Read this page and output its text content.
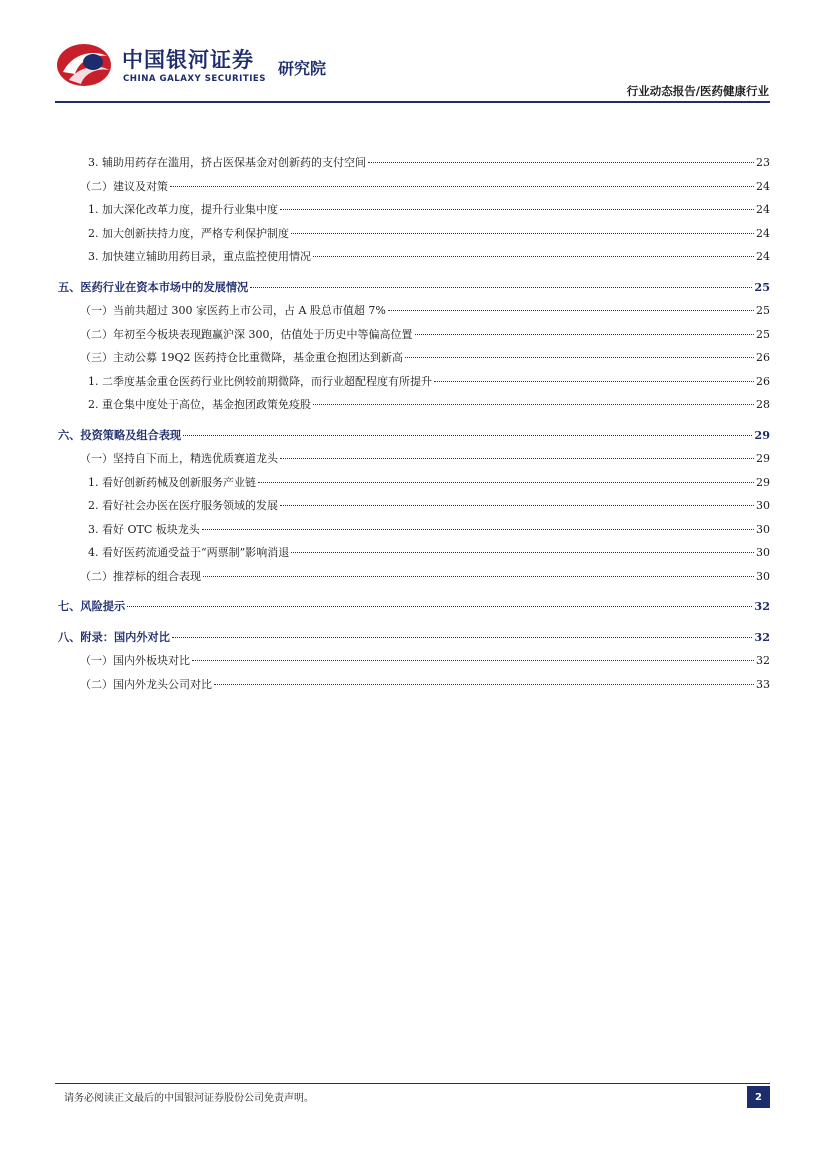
中国银河证券
CHINA GALAXY SECURITIES
研究院
行业动态报告/医药健康行业
3. 辅助用药存在滥用，挤占医保基金对创新药的支付空间	23
（二）建议及对策	24
1. 加大深化改革力度，提升行业集中度	24
2. 加大创新扶持力度，严格专利保护制度	24
3. 加快建立辅助用药目录，重点监控使用情况	24
五、医药行业在资本市场中的发展情况	25
（一）当前共超过 300 家医药上市公司，占 A 股总市值超 7%	25
（二）年初至今板块表现跑赢沪深 300，估值处于历史中等偏高位置	25
（三）主动公募 19Q2 医药持仓比重微降，基金重仓抱团达到新高	26
1. 二季度基金重仓医药行业比例较前期微降，而行业超配程度有所提升	26
2. 重仓集中度处于高位，基金抱团政策免疫股	28
六、投资策略及组合表现	29
（一）坚持自下而上，精选优质赛道龙头	29
1. 看好创新药械及创新服务产业链	29
2. 看好社会办医在医疗服务领域的发展	30
3. 看好 OTC 板块龙头	30
4. 看好医药流通受益于“两票制”影响消退	30
（二）推荐标的组合表现	30
七、风险提示	32
八、附录：国内外对比	32
（一）国内外板块对比	32
（二）国内外龙头公司对比	33
请务必阅读正文最后的中国银河证券股份公司免责声明。	2
